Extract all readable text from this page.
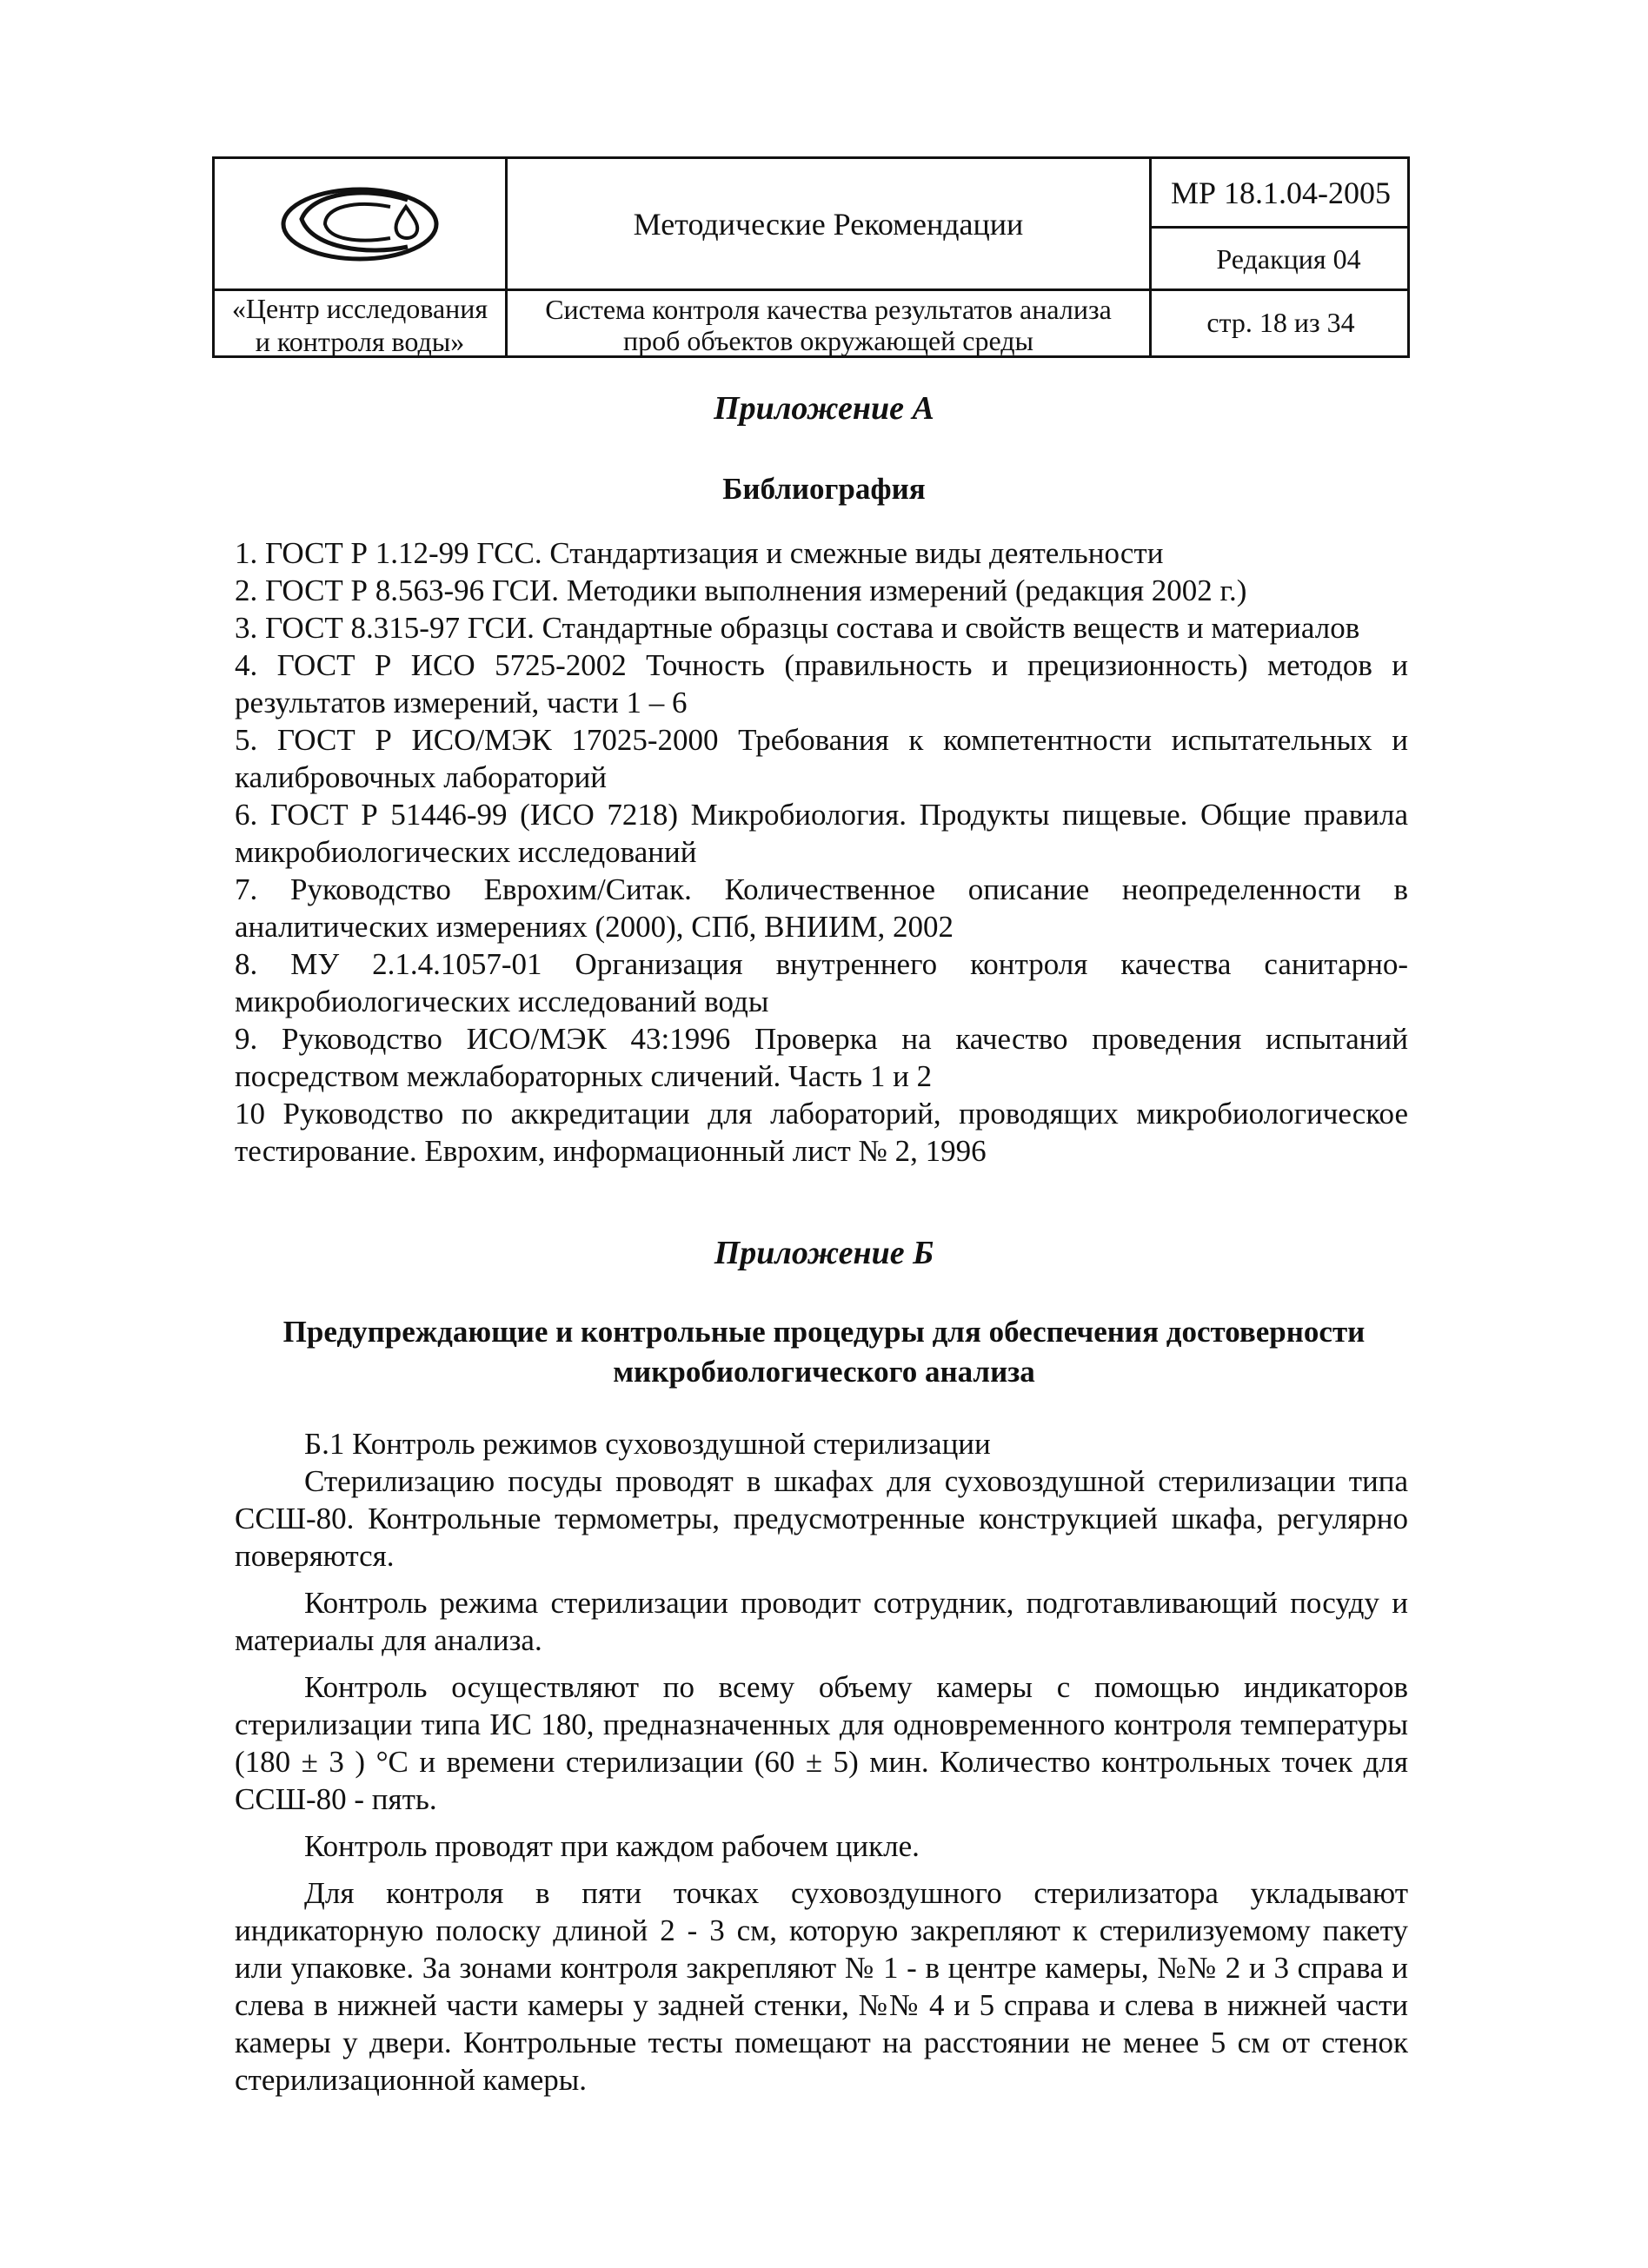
«Центр исследования
и контроля воды»
Методические Рекомендации
Система контроля качества результатов анализа
проб объектов окружающей среды
МР 18.1.04-2005
Редакция 04
стр. 18 из 34
Приложение А
Библиография

1. ГОСТ Р 1.12-99 ГСС. Стандартизация и смежные виды деятельности

2. ГОСТ Р 8.563-96 ГСИ. Методики выполнения измерений (редакция 2002 г.)

3. ГОСТ 8.315-97 ГСИ. Стандартные образцы состава и свойств веществ и материалов

4. ГОСТ Р ИСО 5725-2002 Точность (правильность и прецизионность) методов и результатов измерений, части 1 – 6

5. ГОСТ Р ИСО/МЭК 17025-2000 Требования к компетентности испытательных и калибровочных лабораторий

6. ГОСТ Р 51446-99 (ИСО 7218) Микробиология. Продукты пищевые. Общие правила микробиологических исследований

7. Руководство Еврохим/Ситак. Количественное описание неопределенности в аналитических измерениях (2000), СПб, ВНИИМ, 2002

8. МУ 2.1.4.1057-01 Организация внутреннего контроля качества санитарно-микробиологических исследований воды

9. Руководство ИСО/МЭК 43:1996 Проверка на качество проведения испытаний посредством межлабораторных сличений. Часть 1 и 2

10 Руководство по аккредитации для лабораторий, проводящих микробиологическое тестирование. Еврохим, информационный лист № 2, 1996

Приложение Б
Предупреждающие и контрольные процедуры для обеспечения достоверности
микробиологического анализа

Б.1 Контроль режимов суховоздушной стерилизации

Стерилизацию посуды проводят в шкафах для суховоздушной стерилизации типа ССШ-80. Контрольные термометры, предусмотренные конструкцией шкафа, регулярно поверяются.

Контроль режима стерилизации проводит сотрудник, подготавливающий посуду и материалы для анализа.

Контроль осуществляют по всему объему камеры с помощью индикаторов стерилизации типа ИС 180, предназначенных для одновременного контроля температуры (180 ± 3 ) °С и времени стерилизации (60 ± 5) мин. Количество контрольных точек для ССШ-80 - пять.

Контроль проводят при каждом рабочем цикле.

Для контроля в пяти точках суховоздушного стерилизатора укладывают индикаторную полоску длиной 2 - 3 см, которую закрепляют к стерилизуемому пакету или упаковке. За зонами контроля закрепляют № 1 - в центре камеры, №№ 2 и 3 справа и слева в нижней части камеры у задней стенки, №№ 4 и 5 справа и слева в нижней части камеры у двери. Контрольные тесты помещают на расстоянии не менее 5 см от стенок стерилизационной камеры.
